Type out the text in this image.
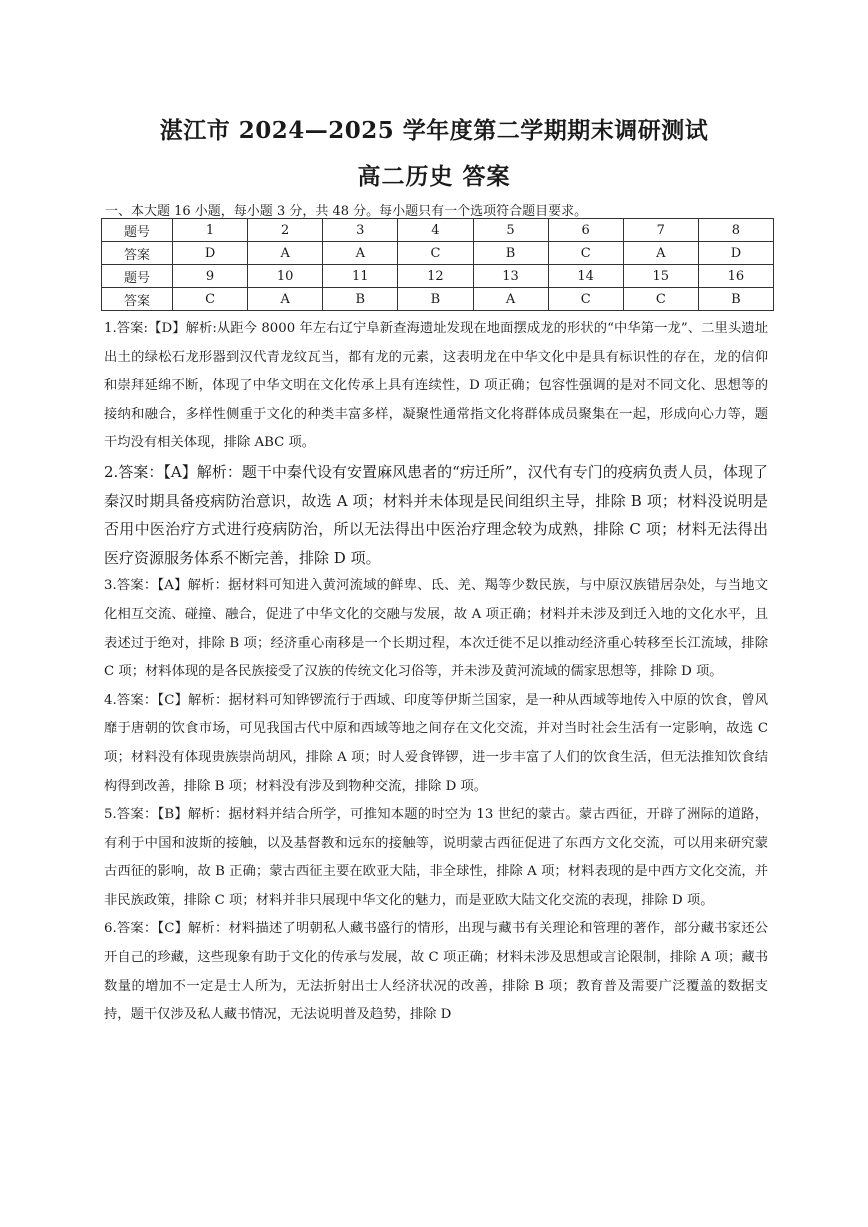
湛江市 2024—2025 学年度第二学期期末调研测试
高二历史 答案
一、本大题 16 小题，每小题 3 分，共 48 分。每小题只有一个选项符合题目要求。
题号	1	2	3	4	5	6	7	8
答案	D	A	A	C	B	C	A	D
题号	9	10	11	12	13	14	15	16
答案	C	A	B	B	A	C	C	B

1.答案:【D】解析:从距今 8000 年左右辽宁阜新查海遗址发现在地面摆成龙的形状的“中华第一龙”、二里头遗址出土的绿松石龙形器到汉代青龙纹瓦当，都有龙的元素，这表明龙在中华文化中是具有标识性的存在，龙的信仰和崇拜延绵不断，体现了中华文明在文化传承上具有连续性，D 项正确；包容性强调的是对不同文化、思想等的接纳和融合，多样性侧重于文化的种类丰富多样，凝聚性通常指文化将群体成员聚集在一起，形成向心力等，题干均没有相关体现，排除 ABC 项。

2.答案：【A】解析：题干中秦代设有安置麻风患者的“疠迁所”，汉代有专门的疫病负责人员，体现了秦汉时期具备疫病防治意识，故选 A 项；材料并未体现是民间组织主导，排除 B 项；材料没说明是否用中医治疗方式进行疫病防治，所以无法得出中医治疗理念较为成熟，排除 C 项；材料无法得出医疗资源服务体系不断完善，排除 D 项。

3.答案：【A】解析：据材料可知进入黄河流域的鲜卑、氐、羌、羯等少数民族，与中原汉族错居杂处，与当地文化相互交流、碰撞、融合，促进了中华文化的交融与发展，故 A 项正确；材料并未涉及到迁入地的文化水平，且表述过于绝对，排除 B 项；经济重心南移是一个长期过程，本次迁徙不足以推动经济重心转移至长江流域，排除 C 项；材料体现的是各民族接受了汉族的传统文化习俗等，并未涉及黄河流域的儒家思想等，排除 D 项。

4.答案：【C】解析：据材料可知铧锣流行于西域、印度等伊斯兰国家，是一种从西域等地传入中原的饮食，曾风靡于唐朝的饮食市场，可见我国古代中原和西域等地之间存在文化交流，并对当时社会生活有一定影响，故选 C 项；材料没有体现贵族崇尚胡风，排除 A 项；时人爱食铧锣，进一步丰富了人们的饮食生活，但无法推知饮食结构得到改善，排除 B 项；材料没有涉及到物种交流，排除 D 项。

5.答案：【B】解析：据材料并结合所学，可推知本题的时空为 13 世纪的蒙古。蒙古西征，开辟了洲际的道路，有利于中国和波斯的接触，以及基督教和远东的接触等，说明蒙古西征促进了东西方文化交流，可以用来研究蒙古西征的影响，故 B 正确；蒙古西征主要在欧亚大陆，非全球性，排除 A 项；材料表现的是中西方文化交流，并非民族政策，排除 C 项；材料并非只展现中华文化的魅力，而是亚欧大陆文化交流的表现，排除 D 项。

6.答案：【C】解析：材料描述了明朝私人藏书盛行的情形，出现与藏书有关理论和管理的著作，部分藏书家还公开自己的珍藏，这些现象有助于文化的传承与发展，故 C 项正确；材料未涉及思想或言论限制，排除 A 项；藏书数量的增加不一定是士人所为，无法折射出士人经济状况的改善，排除 B 项；教育普及需要广泛覆盖的数据支持，题干仅涉及私人藏书情况，无法说明普及趋势，排除 D
